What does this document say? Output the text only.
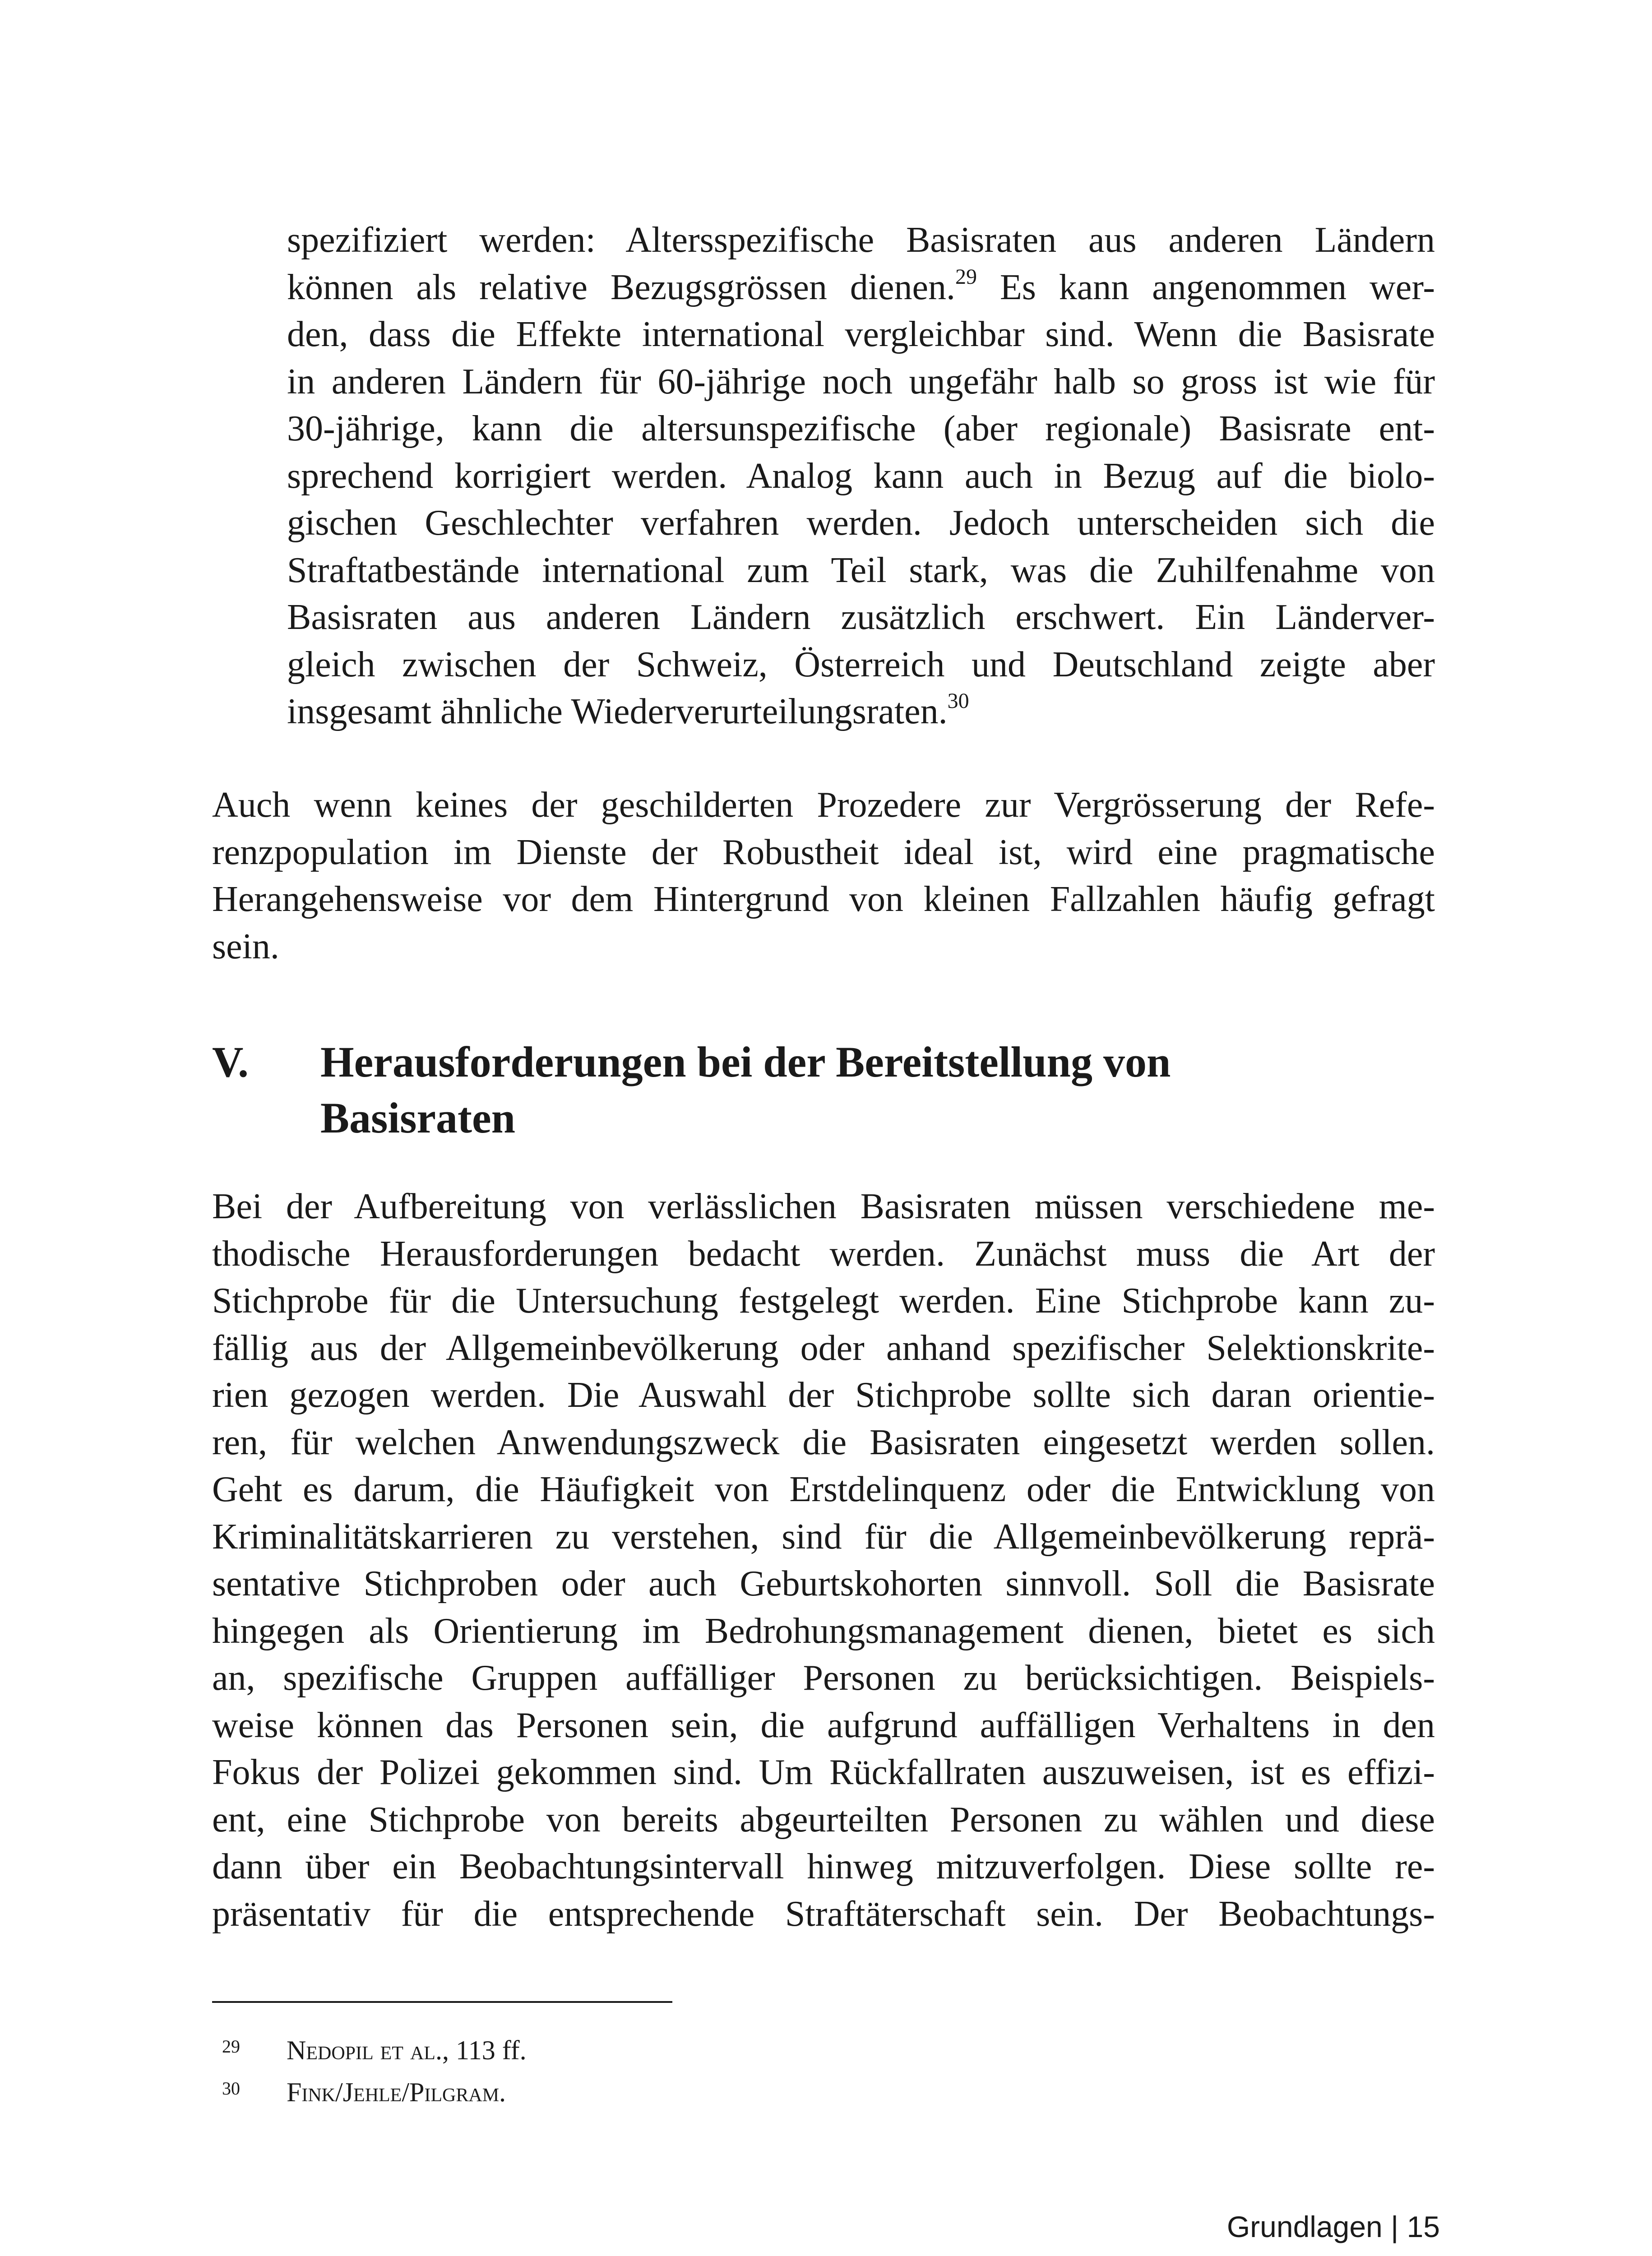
spezifiziert werden: Altersspezifische Basisraten aus anderen Ländern
können als relative Bezugsgrössen dienen.$^{29}$ Es kann angenommen wer-
den, dass die Effekte international vergleichbar sind. Wenn die Basisrate
in anderen Ländern für 60-jährige noch ungefähr halb so gross ist wie für
30-jährige, kann die altersunspezifische (aber regionale) Basisrate ent-
sprechend korrigiert werden. Analog kann auch in Bezug auf die biolo-
gischen Geschlechter verfahren werden. Jedoch unterscheiden sich die
Straftatbestände international zum Teil stark, was die Zuhilfenahme von
Basisraten aus anderen Ländern zusätzlich erschwert. Ein Länderver-
gleich zwischen der Schweiz, Österreich und Deutschland zeigte aber
insgesamt ähnliche Wiederverurteilungsraten.$^{30}$
Auch wenn keines der geschilderten Prozedere zur Vergrösserung der Refe-
renzpopulation im Dienste der Robustheit ideal ist, wird eine pragmatische
Herangehensweise vor dem Hintergrund von kleinen Fallzahlen häufig gefragt
sein.
V. Herausforderungen bei der Bereitstellung von
Basisraten
Bei der Aufbereitung von verlässlichen Basisraten müssen verschiedene me-
thodische Herausforderungen bedacht werden. Zunächst muss die Art der
Stichprobe für die Untersuchung festgelegt werden. Eine Stichprobe kann zu-
fällig aus der Allgemeinbevölkerung oder anhand spezifischer Selektionskrite-
rien gezogen werden. Die Auswahl der Stichprobe sollte sich daran orientie-
ren, für welchen Anwendungszweck die Basisraten eingesetzt werden sollen.
Geht es darum, die Häufigkeit von Erstdelinquenz oder die Entwicklung von
Kriminalitätskarrieren zu verstehen, sind für die Allgemeinbevölkerung reprä-
sentative Stichproben oder auch Geburtskohorten sinnvoll. Soll die Basisrate
hingegen als Orientierung im Bedrohungsmanagement dienen, bietet es sich
an, spezifische Gruppen auffälliger Personen zu berücksichtigen. Beispiels-
weise können das Personen sein, die aufgrund auffälligen Verhaltens in den
Fokus der Polizei gekommen sind. Um Rückfallraten auszuweisen, ist es effizi-
ent, eine Stichprobe von bereits abgeurteilten Personen zu wählen und diese
dann über ein Beobachtungsintervall hinweg mitzuverfolgen. Diese sollte re-
präsentativ für die entsprechende Straftäterschaft sein. Der Beobachtungs-
29 Nedopil et al., 113 ff.
30 Fink/Jehle/Pilgram.
Grundlagen | 15
